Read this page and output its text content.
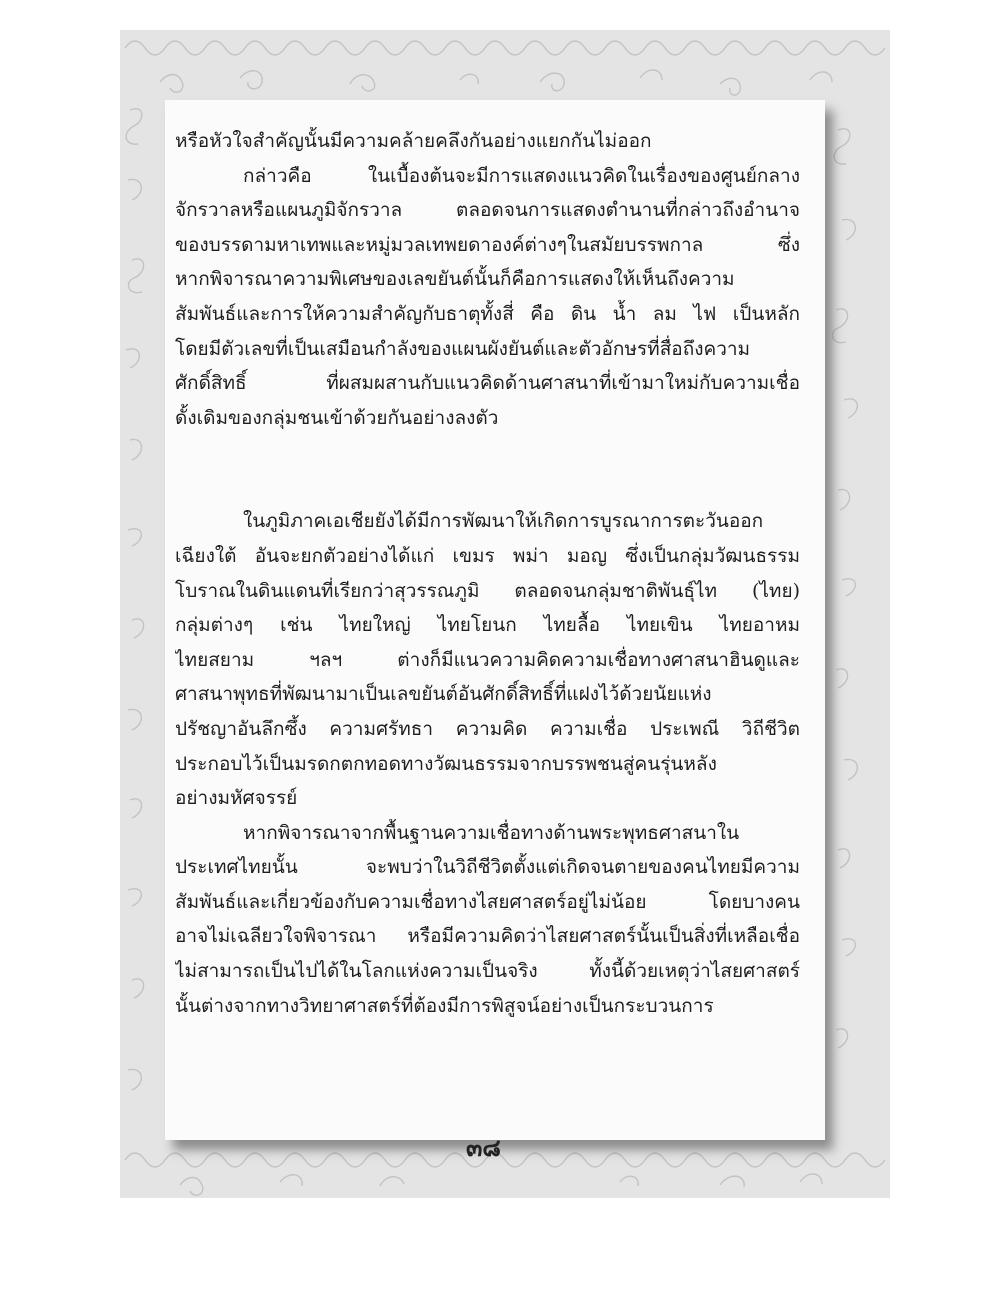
หรือหัวใจสำคัญนั้นมีความคล้ายคลึงกันอย่างแยกกันไม่ออก
กล่าวคือ ในเบื้องต้นจะมีการแสดงแนวคิดในเรื่องของศูนย์กลาง
จักรวาลหรือแผนภูมิจักรวาล ตลอดจนการแสดงตำนานที่กล่าวถึงอำนาจ
ของบรรดามหาเทพและหมู่มวลเทพยดาองค์ต่างๆในสมัยบรรพกาล ซึ่ง
หากพิจารณาความพิเศษของเลขยันต์นั้นก็คือการแสดงให้เห็นถึงความ
สัมพันธ์และการให้ความสำคัญกับธาตุทั้งสี่ คือ ดิน น้ำ ลม ไฟ เป็นหลัก
โดยมีตัวเลขที่เป็นเสมือนกำลังของแผนผังยันต์และตัวอักษรที่สื่อถึงความ
ศักดิ์สิทธิ์ ที่ผสมผสานกับแนวคิดด้านศาสนาที่เข้ามาใหม่กับความเชื่อ
ดั้งเดิมของกลุ่มชนเข้าด้วยกันอย่างลงตัว
ในภูมิภาคเอเชียยังได้มีการพัฒนาให้เกิดการบูรณาการตะวันออก
เฉียงใต้ อันจะยกตัวอย่างได้แก่ เขมร พม่า มอญ ซึ่งเป็นกลุ่มวัฒนธรรม
โบราณในดินแดนที่เรียกว่าสุวรรณภูมิ ตลอดจนกลุ่มชาติพันธุ์ไท (ไทย)
กลุ่มต่างๆ เช่น ไทยใหญ่ ไทยโยนก ไทยลื้อ ไทยเขิน ไทยอาหม
ไทยสยาม ฯลฯ ต่างก็มีแนวความคิดความเชื่อทางศาสนาฮินดูและ
ศาสนาพุทธที่พัฒนามาเป็นเลขยันต์อันศักดิ์สิทธิ์ที่แฝงไว้ด้วยนัยแห่ง
ปรัชญาอันลึกซึ้ง ความศรัทธา ความคิด ความเชื่อ ประเพณี วิถีชีวิต
ประกอบไว้เป็นมรดกตกทอดทางวัฒนธรรมจากบรรพชนสู่คนรุ่นหลัง
อย่างมหัศจรรย์
หากพิจารณาจากพื้นฐานความเชื่อทางด้านพระพุทธศาสนาใน
ประเทศไทยนั้น จะพบว่าในวิถีชีวิตตั้งแต่เกิดจนตายของคนไทยมีความ
สัมพันธ์และเกี่ยวข้องกับความเชื่อทางไสยศาสตร์อยู่ไม่น้อย โดยบางคน
อาจไม่เฉลียวใจพิจารณา หรือมีความคิดว่าไสยศาสตร์นั้นเป็นสิ่งที่เหลือเชื่อ
ไม่สามารถเป็นไปได้ในโลกแห่งความเป็นจริง ทั้งนี้ด้วยเหตุว่าไสยศาสตร์
นั้นต่างจากทางวิทยาศาสตร์ที่ต้องมีการพิสูจน์อย่างเป็นกระบวนการ
๓๘
